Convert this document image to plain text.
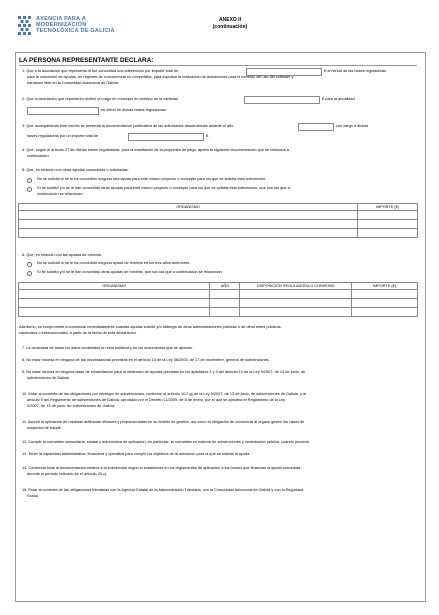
AXENCIA PARA A
MODERNIZACIÓN
TECNOLÓXICA DE GALICIA
ANEXO II
(continuación)
LA PERSONA REPRESENTANTE DECLARA:
1. Que a la asociación que represento le fue concedida una subvención por importe total de	€ en virtud de las bases reguladoras
para la concesión de ayudas, en régimen de concurrencia no competitiva, para impulsar la realización de actuaciones para el fomento del uso del software y
hardware libre en la Comunidad Autónoma de Galicia.
2. Que la asociación que represento recibió un pago en concepto de anticipo de la cantidad	€ para la anualidad
en virtud de dichas bases reguladoras.
3. Que acompañando este escrito se presenta la documentación justificativa de las actividades desarrolladas durante el año	con cargo a dichas
bases reguladoras por un importe total de	€.
4. Que, según el artículo 27 de dichas bases reguladoras, para la tramitación de la propuesta de pago, aporta la siguiente documentación que se relaciona a
continuación.
5. Que, en relación con otras ayudas concedidas o solicitadas:
No se solicitó ni se le ha concedido ninguna otra ayuda para este mismo proyecto o concepto para los que se solicita esta subvención.
Sí se solicitó y/o se le han concedido otras ayudas para este mismo proyecto o concepto para los que se solicita esta subvención, que son las que a
continuación se relacionan:
ORGANISMO	IMPORTE (€)

6. Que, en relación con las ayudas de minimis:
No se solicitó ni se le ha concedido ninguna ayuda de minimis en los tres años anteriores.
Sí se solicitó y/o se le han concedido otras ayudas de minimis, que son las que a continuación se relacionan:
ORGANISMO	AÑO	DISPOSICIÓN REGULADORA O CONVENIO	IMPORTE (€)

Asimismo, se compromete a comunicar inmediatamente cuantas ayudas solicite y/o obtenga de otras administraciones públicas o de otros entes públicos,
nacionales o internacionales, a partir de la fecha de esta declaración.
7. La veracidad de todos los datos contenidos en esta solicitud y en los documentos que se aportan.
8. No estar incursa en ninguna de las circunstancias previstas en el artículo 13 de la Ley 38/2003, de 17 de noviembre, general de subvenciones.
9. No estar incursa en ninguna clase de inhabilitación para la obtención de ayudas previstas en los apartados 2 y 3 del artículo 10 de la Ley 9/2007, de 13 de junio, de
subvenciones de Galicia.
10. Estar al corriente de las obligaciones por reintegro de subvenciones, conforme al artículo 10.2.g) de la Ley 9/2007, de 13 de junio, de subvenciones de Galicia, y al
artículo 9 del Reglamento de subvenciones de Galicia, aprobado por el Decreto 11/2009, de 8 de enero, por el que se aprueba el Reglamento de la Ley
9/2007, de 13 de junio, de subvenciones de Galicia.
11. Asumir la aplicación de medidas antifraude eficaces y proporcionadas en su ámbito de gestión, así como la obligación de comunicar al órgano gestor los casos de
sospecha de fraude.
12. Cumplir la normativa comunitaria, estatal y autonómica de aplicación, en particular, la normativa en materia de subvenciones y contratación pública, cuando proceda.
13. Tener la capacidad administrativa, financiera y operativa para cumplir los objetivos de la actuación para la que se solicita la ayuda.
14. Conservar toda la documentación relativa a la subvención según lo establecido en los reglamentos de aplicación a los fondos que financian la ayuda concedida
durante el período indicado en el artículo 25 c).
15. Estar al corriente de las obligaciones tributarias con la Agencia Estatal de la Administración Tributaria, con la Comunidad Autónoma de Galicia y con la Seguridad
Social.
